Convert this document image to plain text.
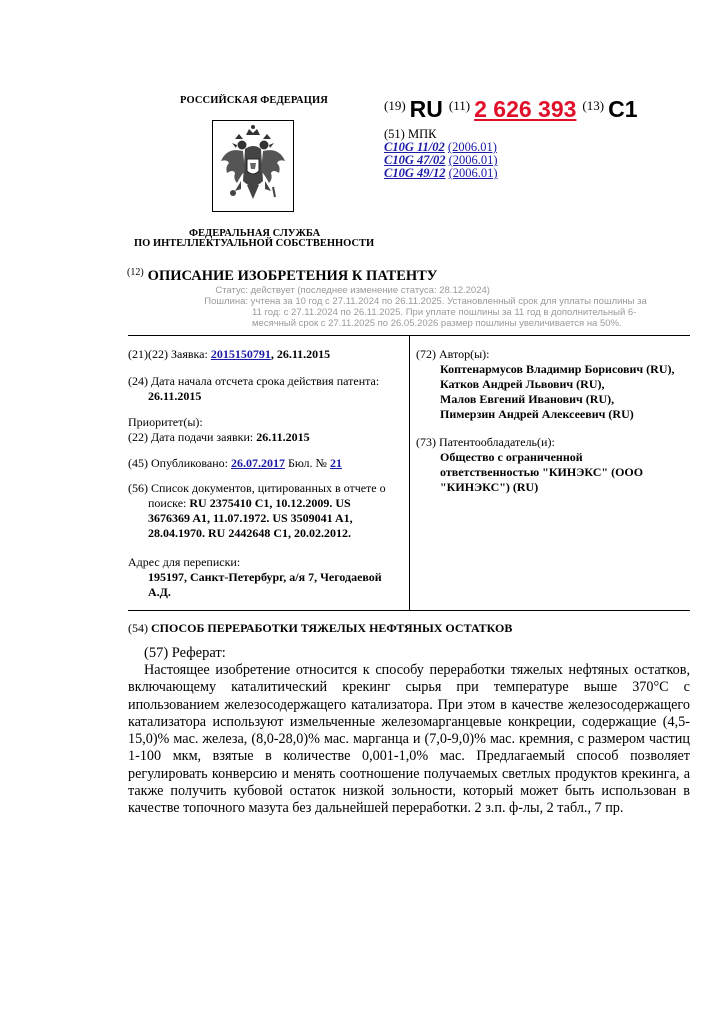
РОССИЙСКАЯ ФЕДЕРАЦИЯ
ФЕДЕРАЛЬНАЯ СЛУЖБА
ПО ИНТЕЛЛЕКТУАЛЬНОЙ СОБСТВЕННОСТИ
$^{(19)}$ RU $^{(11)}$ 2 626 393 $^{(13)}$ C1
(51) МПК
C10G 11/02 (2006.01)
C10G 47/02 (2006.01)
C10G 49/12 (2006.01)
$^{(12)}$ ОПИСАНИЕ ИЗОБРЕТЕНИЯ К ПАТЕНТУ
Статус: действует (последнее изменение статуса: 28.12.2024)
Пошлина: учтена за 10 год с 27.11.2024 по 26.11.2025. Установленный срок для уплаты пошлины за
11 год: с 27.11.2024 по 26.11.2025. При уплате пошлины за 11 год в дополнительный 6-
месячный срок с 27.11.2025 по 26.05.2026 размер пошлины увеличивается на 50%.
(21)(22) Заявка: 2015150791, 26.11.2015
(24) Дата начала отсчета срока действия патента:
26.11.2015
Приоритет(ы):
(22) Дата подачи заявки: 26.11.2015
(45) Опубликовано: 26.07.2017 Бюл. № 21
(56) Список документов, цитированных в отчете о
поиске: RU 2375410 C1, 10.12.2009. US
3676369 A1, 11.07.1972. US 3509041 A1,
28.04.1970. RU 2442648 C1, 20.02.2012.
Адрес для переписки:
195197, Санкт-Петербург, а/я 7, Чегодаевой
А.Д.
(72) Автор(ы):
Коптенармусов Владимир Борисович (RU),
Катков Андрей Львович (RU),
Малов Евгений Иванович (RU),
Пимерзин Андрей Алексеевич (RU)
(73) Патентообладатель(и):
Общество с ограниченной
ответственностью "КИНЭКС" (ООО
"КИНЭКС") (RU)
(54) СПОСОБ ПЕРЕРАБОТКИ ТЯЖЕЛЫХ НЕФТЯНЫХ ОСТАТКОВ
(57) Реферат:
Настоящее изобретение относится к способу переработки тяжелых нефтяных остатков, включающему каталитический крекинг сырья при температуре выше 370°С с ипользованием железосодержащего катализатора. При этом в качестве железосодержащего катализатора используют измельченные железомарганцевые конкреции, содержащие (4,5-15,0)% мас. железа, (8,0-28,0)% мас. марганца и (7,0-9,0)% мас. кремния, с размером частиц 1-100 мкм, взятые в количестве 0,001-1,0% мас. Предлагаемый способ позволяет регулировать конверсию и менять соотношение получаемых светлых продуктов крекинга, а также получить кубовой остаток низкой зольности, который может быть использован в качестве топочного мазута без дальнейшей переработки. 2 з.п. ф-лы, 2 табл., 7 пр.
